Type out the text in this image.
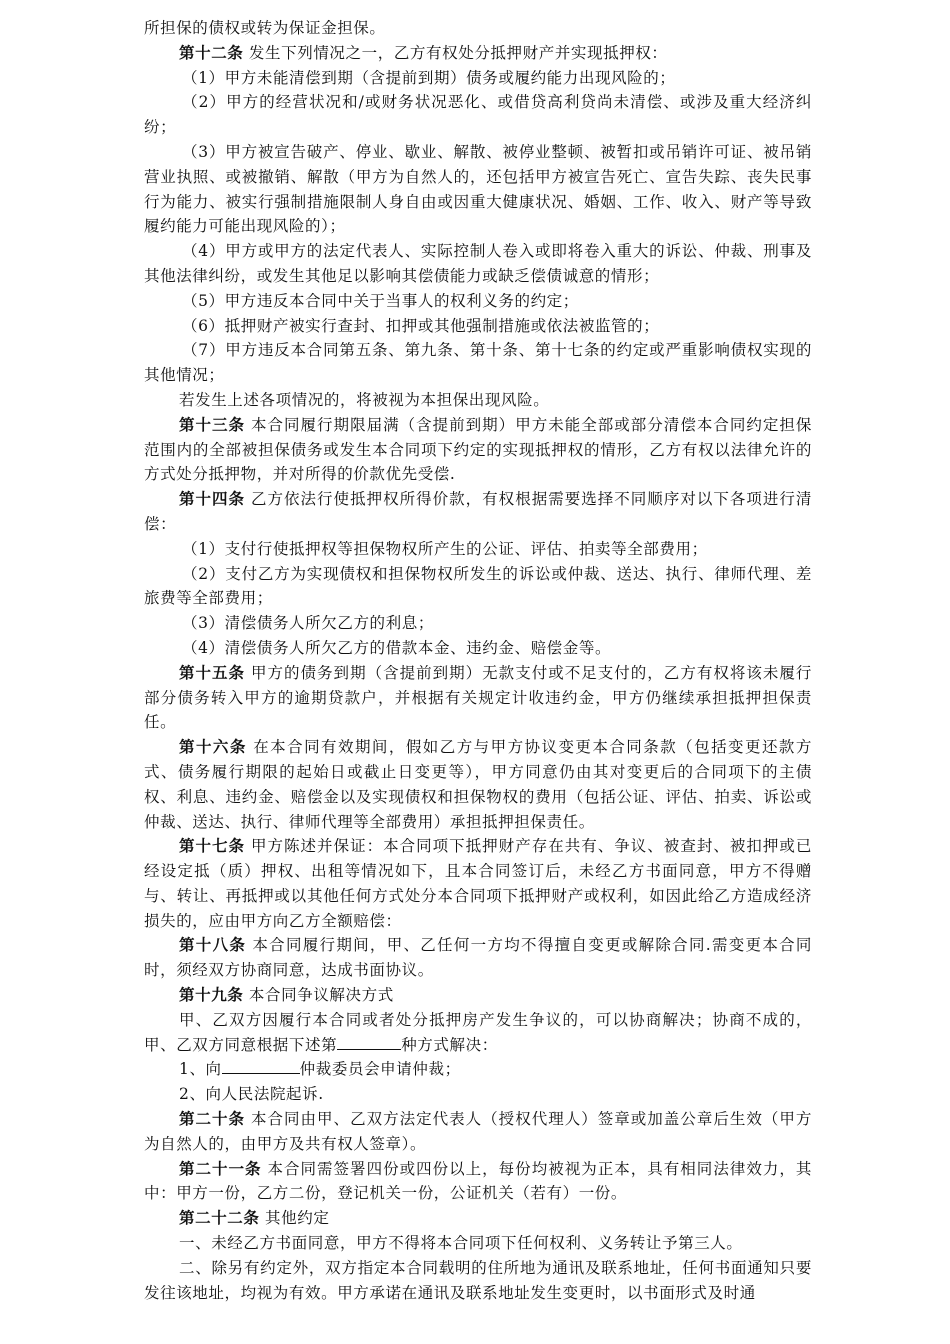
所担保的债权或转为保证金担保。

第十二条 发生下列情况之一，乙方有权处分抵押财产并实现抵押权：

（1）甲方未能清偿到期（含提前到期）债务或履约能力出现风险的；

（2）甲方的经营状况和/或财务状况恶化、或借贷高利贷尚未清偿、或涉及重大经济纠纷；

（3）甲方被宣告破产、停业、歇业、解散、被停业整顿、被暂扣或吊销许可证、被吊销营业执照、或被撤销、解散（甲方为自然人的，还包括甲方被宣告死亡、宣告失踪、丧失民事行为能力、被实行强制措施限制人身自由或因重大健康状况、婚姻、工作、收入、财产等导致履约能力可能出现风险的）；

（4）甲方或甲方的法定代表人、实际控制人卷入或即将卷入重大的诉讼、仲裁、刑事及其他法律纠纷，或发生其他足以影响其偿债能力或缺乏偿债诚意的情形；

（5）甲方违反本合同中关于当事人的权利义务的约定；

（6）抵押财产被实行查封、扣押或其他强制措施或依法被监管的；

（7）甲方违反本合同第五条、第九条、第十条、第十七条的约定或严重影响债权实现的其他情况；

若发生上述各项情况的，将被视为本担保出现风险。

第十三条 本合同履行期限届满（含提前到期）甲方未能全部或部分清偿本合同约定担保范围内的全部被担保债务或发生本合同项下约定的实现抵押权的情形，乙方有权以法律允许的方式处分抵押物，并对所得的价款优先受偿.

第十四条 乙方依法行使抵押权所得价款，有权根据需要选择不同顺序对以下各项进行清偿：

（1）支付行使抵押权等担保物权所产生的公证、评估、拍卖等全部费用；

（2）支付乙方为实现债权和担保物权所发生的诉讼或仲裁、送达、执行、律师代理、差旅费等全部费用；

（3）清偿债务人所欠乙方的利息；

（4）清偿债务人所欠乙方的借款本金、违约金、赔偿金等。

第十五条 甲方的债务到期（含提前到期）无款支付或不足支付的，乙方有权将该未履行部分债务转入甲方的逾期贷款户，并根据有关规定计收违约金，甲方仍继续承担抵押担保责任。

第十六条 在本合同有效期间，假如乙方与甲方协议变更本合同条款（包括变更还款方式、债务履行期限的起始日或截止日变更等），甲方同意仍由其对变更后的合同项下的主债权、利息、违约金、赔偿金以及实现债权和担保物权的费用（包括公证、评估、拍卖、诉讼或仲裁、送达、执行、律师代理等全部费用）承担抵押担保责任。

第十七条 甲方陈述并保证：本合同项下抵押财产存在共有、争议、被查封、被扣押或已经设定抵（质）押权、出租等情况如下，且本合同签订后，未经乙方书面同意，甲方不得赠与、转让、再抵押或以其他任何方式处分本合同项下抵押财产或权利，如因此给乙方造成经济损失的，应由甲方向乙方全额赔偿：

第十八条 本合同履行期间，甲、乙任何一方均不得擅自变更或解除合同.需变更本合同时，须经双方协商同意，达成书面协议。

第十九条 本合同争议解决方式

甲、乙双方因履行本合同或者处分抵押房产发生争议的，可以协商解决；协商不成的，甲、乙双方同意根据下述第	种方式解决：

1、向	仲裁委员会申请仲裁；

2、向人民法院起诉.

第二十条 本合同由甲、乙双方法定代表人（授权代理人）签章或加盖公章后生效（甲方为自然人的，由甲方及共有权人签章）。

第二十一条 本合同需签署四份或四份以上，每份均被视为正本，具有相同法律效力，其中：甲方一份，乙方二份，登记机关一份，公证机关（若有）一份。

第二十二条 其他约定

一、未经乙方书面同意，甲方不得将本合同项下任何权利、义务转让予第三人。

二、除另有约定外，双方指定本合同载明的住所地为通讯及联系地址，任何书面通知只要发往该地址，均视为有效。甲方承诺在通讯及联系地址发生变更时，以书面形式及时通
